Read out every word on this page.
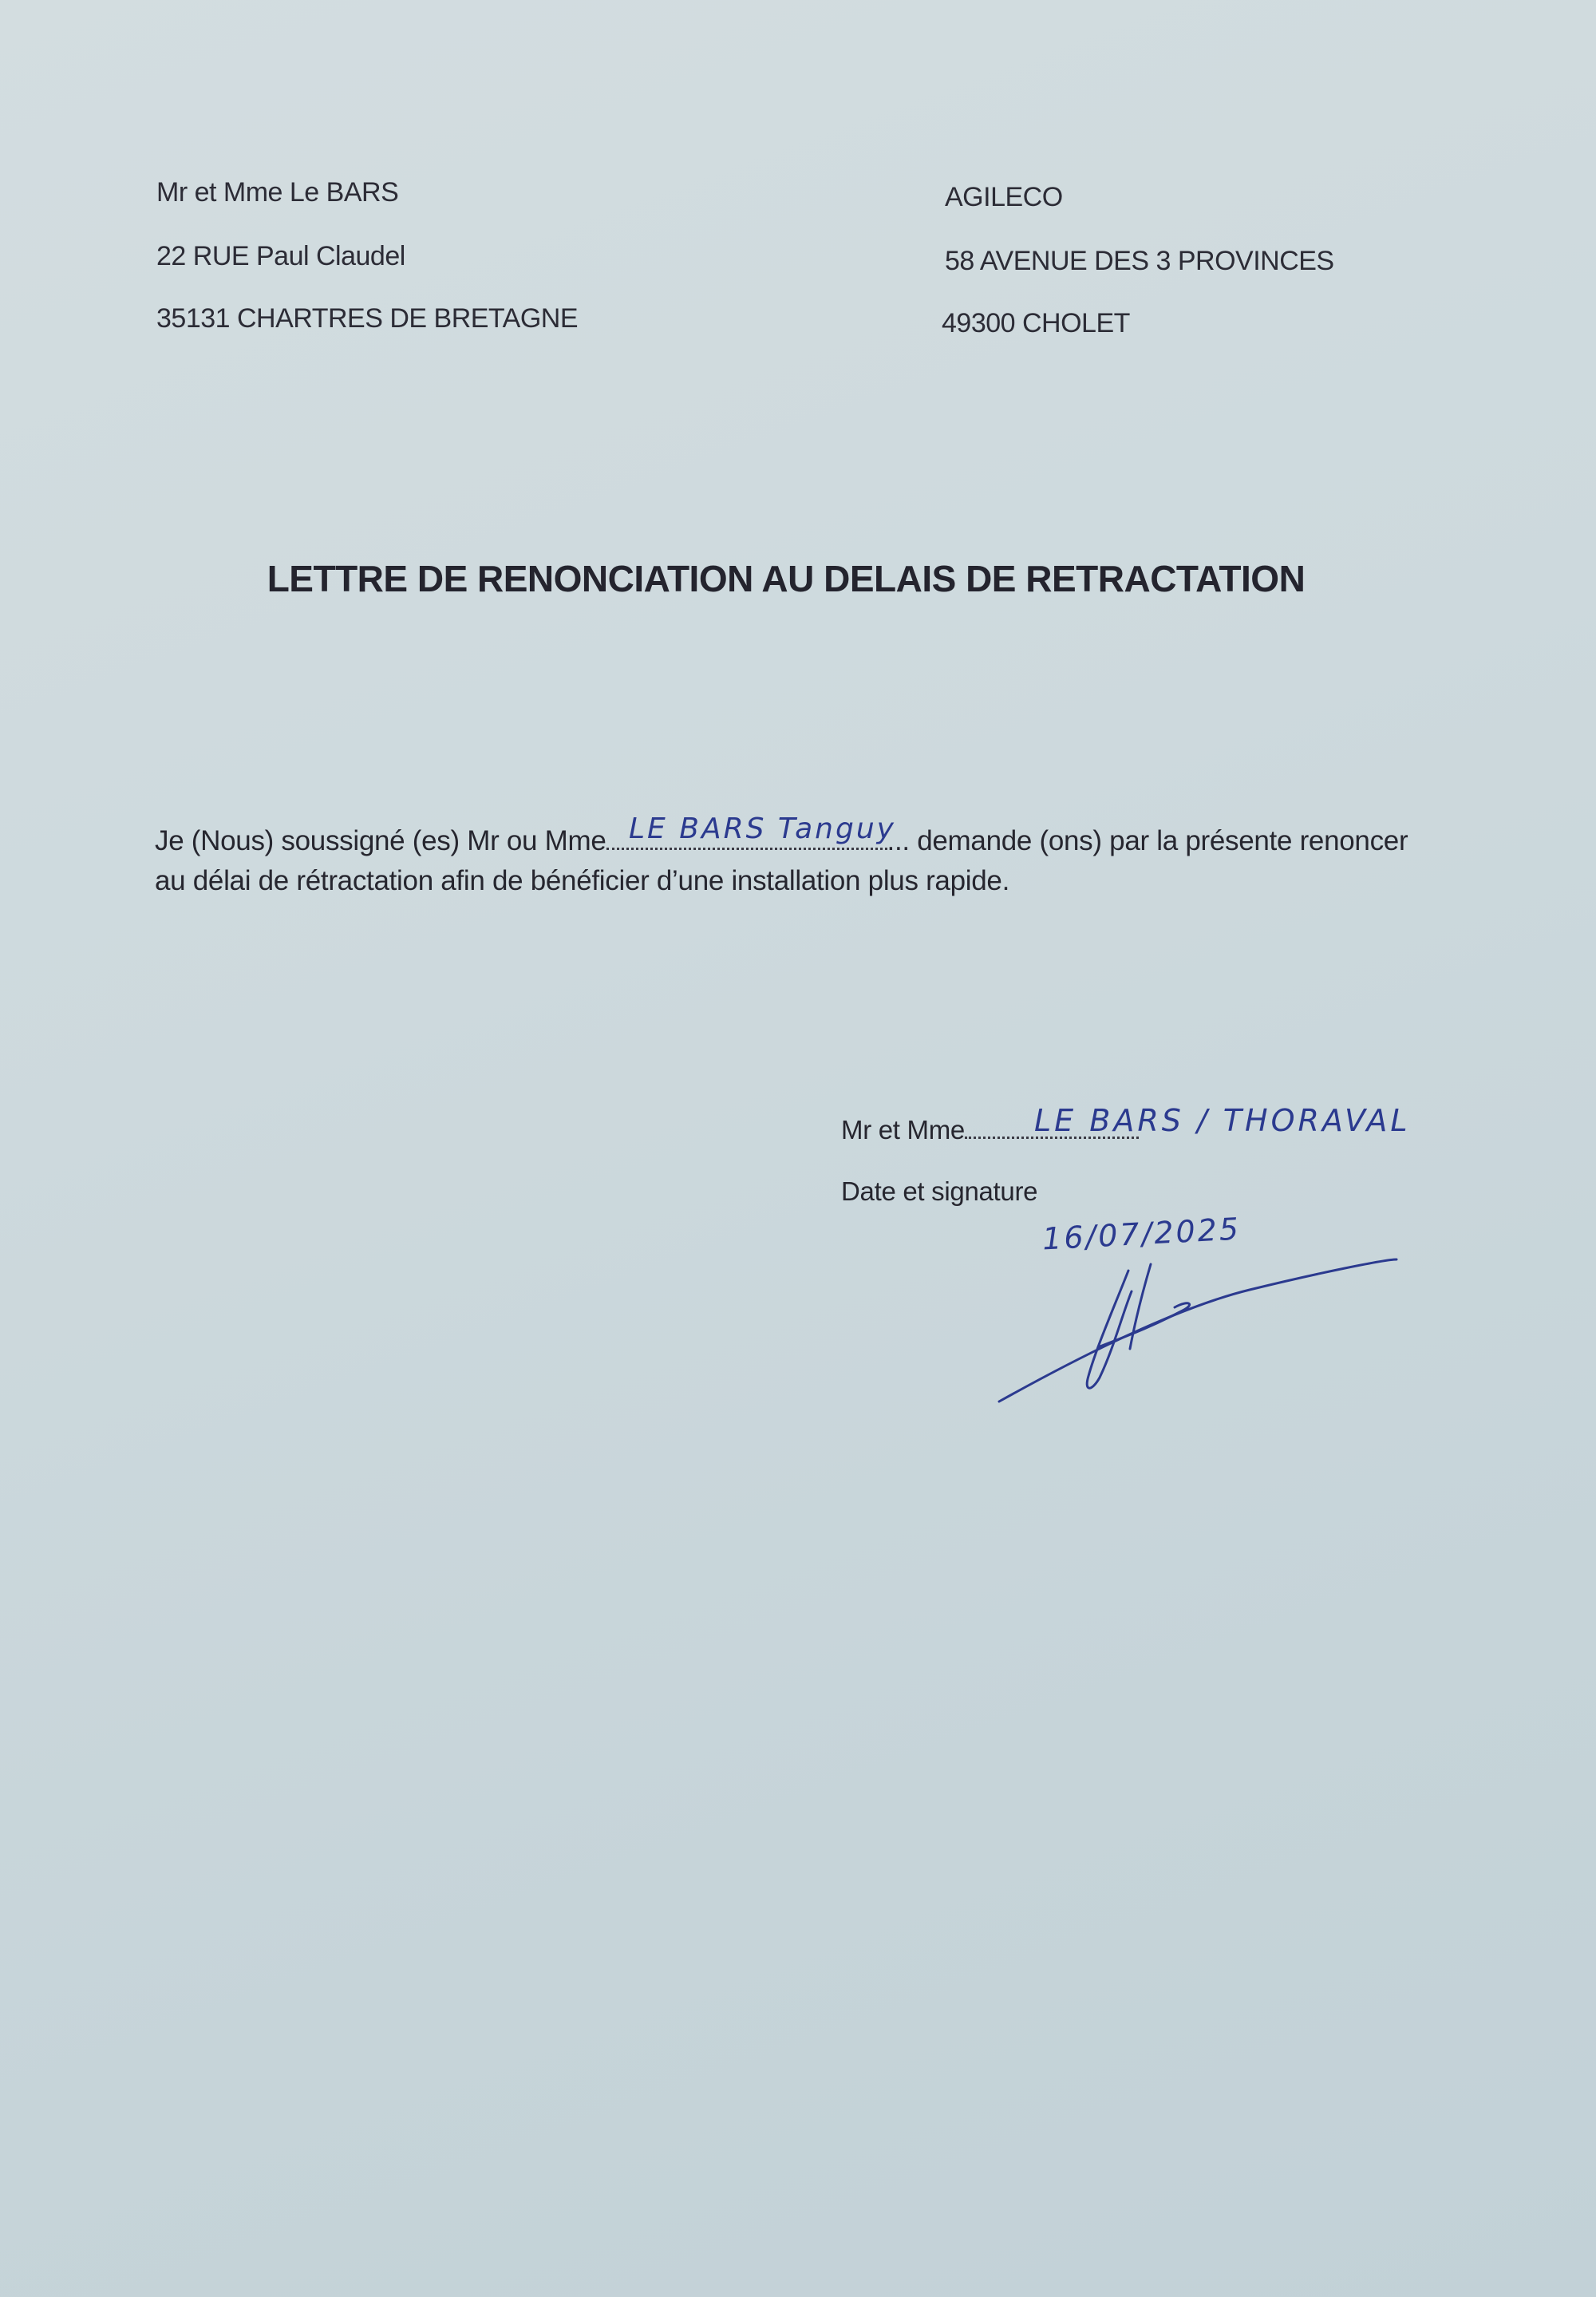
Mr et Mme Le BARS
22 RUE Paul Claudel
35131 CHARTRES DE BRETAGNE
AGILECO
58 AVENUE DES 3 PROVINCES
49300 CHOLET
LETTRE DE RENONCIATION AU DELAIS DE RETRACTATION
Je (Nous) soussigné (es) Mr ou Mme	... demande (ons) par la présente renoncer
au délai de rétractation afin de bénéficier d’une installation plus rapide.
LE BARS Tanguy
Mr et Mme	LE BARS / THORAVAL
Date et signature
16/07/2025
